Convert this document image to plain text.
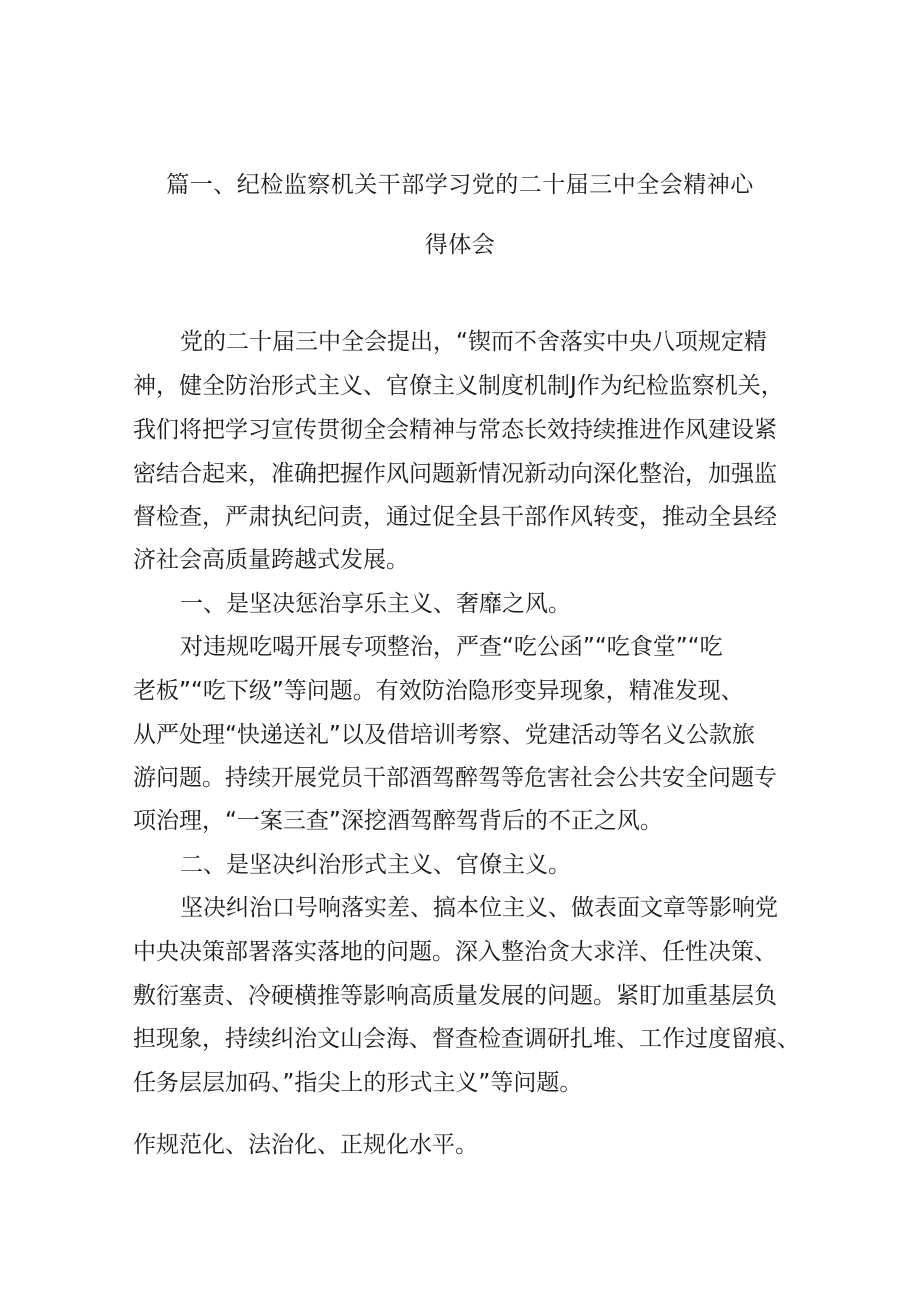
篇一、纪检监察机关干部学习党的二十届三中全会精神心
得体会
党的二十届三中全会提出，“锲而不舍落实中央八项规定精
神，健全防治形式主义、官僚主义制度机制J作为纪检监察机关，
我们将把学习宣传贯彻全会精神与常态长效持续推进作风建设紧
密结合起来，准确把握作风问题新情况新动向深化整治，加强监
督检查，严肃执纪问责，通过促全县干部作风转变，推动全县经
济社会高质量跨越式发展。
一、是坚决惩治享乐主义、奢靡之风。
对违规吃喝开展专项整治，严查“吃公函”“吃食堂”“吃
老板”“吃下级”等问题。有效防治隐形变异现象，精准发现、
从严处理“快递送礼”以及借培训考察、党建活动等名义公款旅
游问题。持续开展党员干部酒驾醉驾等危害社会公共安全问题专
项治理，“一案三查”深挖酒驾醉驾背后的不正之风。
二、是坚决纠治形式主义、官僚主义。
坚决纠治口号响落实差、搞本位主义、做表面文章等影响党
中央决策部署落实落地的问题。深入整治贪大求洋、任性决策、
敷衍塞责、冷硬横推等影响高质量发展的问题。紧盯加重基层负
担现象，持续纠治文山会海、督查检查调研扎堆、工作过度留痕、
任务层层加码、”指尖上的形式主义”等问题。
作规范化、法治化、正规化水平。
